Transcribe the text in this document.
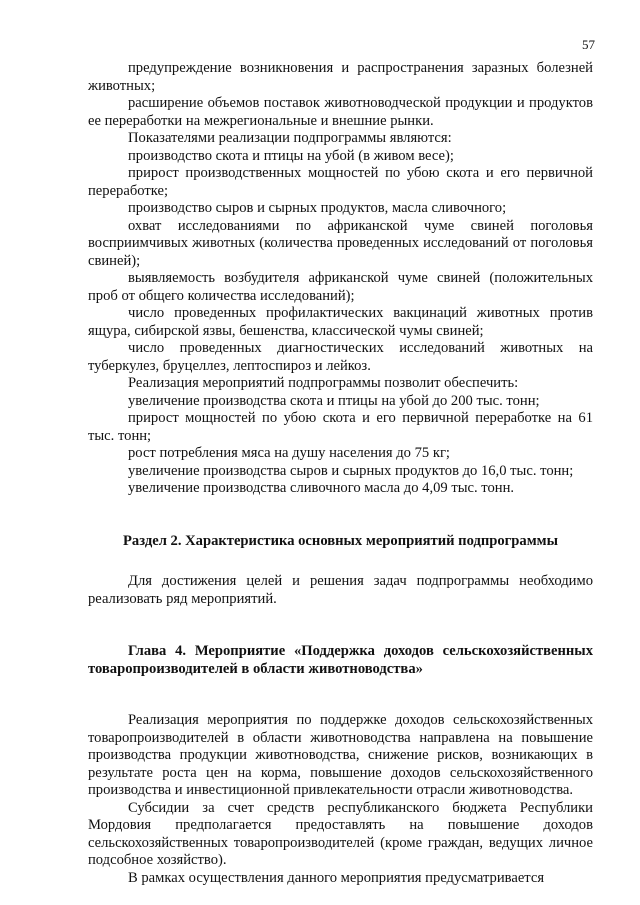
57

предупреждение возникновения и распространения заразных болезней животных;

расширение объемов поставок животноводческой продукции и продуктов ее переработки на межрегиональные и внешние рынки.

Показателями реализации подпрограммы являются:

производство скота и птицы на убой (в живом весе);

прирост производственных мощностей по убою скота и его первичной переработке;

производство сыров и сырных продуктов, масла сливочного;

охват исследованиями по африканской чуме свиней поголовья восприимчивых животных (количества проведенных исследований от поголовья свиней);

выявляемость возбудителя африканской чуме свиней (положительных проб от общего количества исследований);

число проведенных профилактических вакцинаций животных против ящура, сибирской язвы, бешенства, классической чумы свиней;

число проведенных диагностических исследований животных на туберкулез, бруцеллез, лептоспироз и лейкоз.

Реализация мероприятий подпрограммы позволит обеспечить:

увеличение производства скота и птицы на убой до 200 тыс. тонн;

прирост мощностей по убою скота и его первичной переработке на 61 тыс. тонн;

рост потребления мяса на душу населения до 75 кг;

увеличение производства сыров и сырных продуктов до 16,0 тыс. тонн;

увеличение производства сливочного масла до 4,09 тыс. тонн.

Раздел 2. Характеристика основных мероприятий подпрограммы

Для достижения целей и решения задач подпрограммы необходимо реализовать ряд мероприятий.

Глава 4. Мероприятие «Поддержка доходов сельскохозяйственных товаропроизводителей в области животноводства»

Реализация мероприятия по поддержке доходов сельскохозяйственных товаропроизводителей в области животноводства направлена на повышение производства продукции животноводства, снижение рисков, возникающих в результате роста цен на корма, повышение доходов сельскохозяйственного производства и инвестиционной привлекательности отрасли животноводства.

Субсидии за счет средств республиканского бюджета Республики Мордовия предполагается предоставлять на повышение доходов сельскохозяйственных товаропроизводителей (кроме граждан, ведущих личное подсобное хозяйство).

В рамках осуществления данного мероприятия предусматривается
